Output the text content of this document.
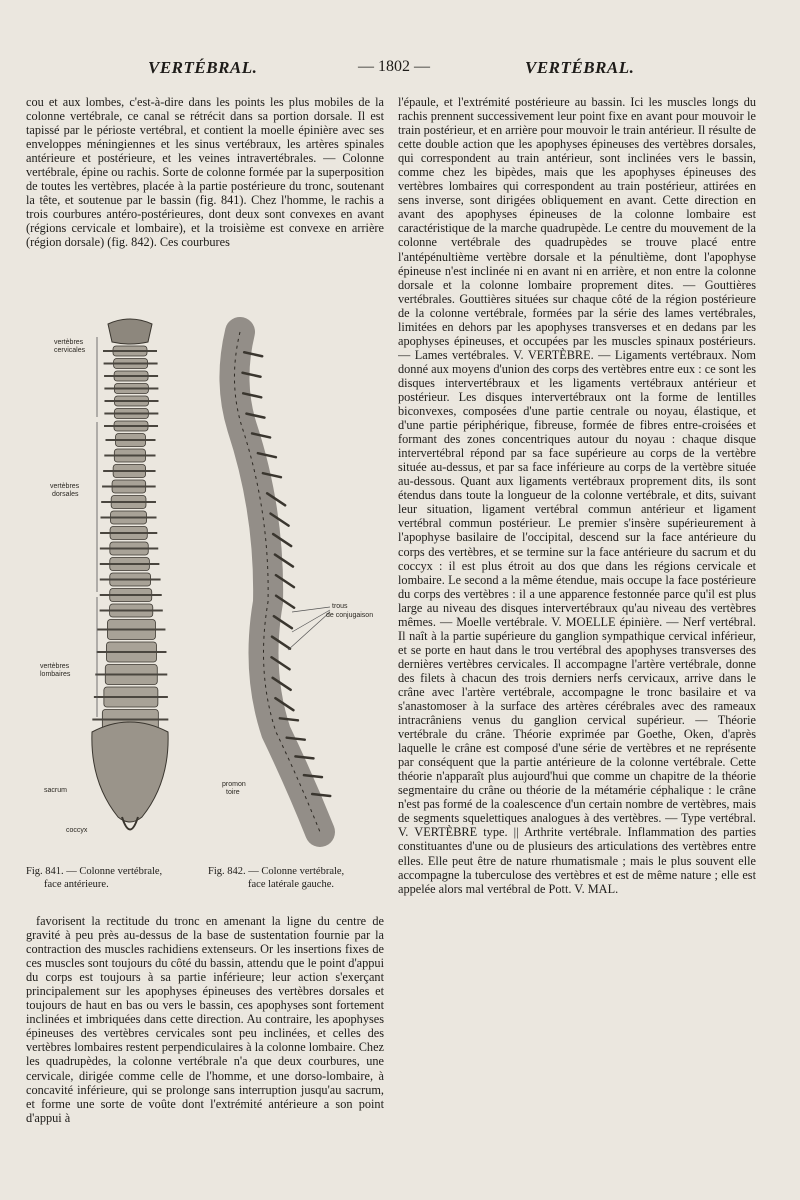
VERTÉBRAL.	— 1802 —	VERTÉBRAL.

cou et aux lombes, c'est-à-dire dans les points les plus mobiles de la colonne vertébrale, ce canal se rétrécit dans sa portion dorsale. Il est tapissé par le périoste vertébral, et contient la moelle épinière avec ses enveloppes méningiennes et les sinus vertébraux, les artères spinales antérieure et postérieure, et les veines intravertébrales. — Colonne vertébrale, épine ou rachis. Sorte de colonne formée par la superposition de toutes les vertèbres, placée à la partie postérieure du tronc, soutenant la tête, et soutenue par le bassin (fig. 841). Chez l'homme, le rachis a trois courbures antéro-postérieures, dont deux sont convexes en avant (régions cervicale et lombaire), et la troisième est convexe en arrière (région dorsale) (fig. 842). Ces courbures

vertèbres
cervicales
vertèbres
dorsales
vertèbres
lombaires
sacrum
coccyx
trous
de conjugaison
promon
toire
Fig. 841. — Colonne vertébrale,
face antérieure.
Fig. 842. — Colonne vertébrale,
face latérale gauche.

favorisent la rectitude du tronc en amenant la ligne du centre de gravité à peu près au-dessus de la base de sustentation fournie par la contraction des muscles rachidiens extenseurs. Or les insertions fixes de ces muscles sont toujours du côté du bassin, attendu que le point d'appui du corps est toujours à sa partie inférieure; leur action s'exerçant principalement sur les apophyses épineuses des vertèbres dorsales et toujours de haut en bas ou vers le bassin, ces apophyses sont fortement inclinées et imbriquées dans cette direction. Au contraire, les apophyses épineuses des vertèbres cervicales sont peu inclinées, et celles des vertèbres lombaires restent perpendiculaires à la colonne lombaire. Chez les quadrupèdes, la colonne vertébrale n'a que deux courbures, une cervicale, dirigée comme celle de l'homme, et une dorso-lombaire, à concavité inférieure, qui se prolonge sans interruption jusqu'au sacrum, et forme une sorte de voûte dont l'extrémité antérieure a son point d'appui à

l'épaule, et l'extrémité postérieure au bassin. Ici les muscles longs du rachis prennent successivement leur point fixe en avant pour mouvoir le train postérieur, et en arrière pour mouvoir le train antérieur. Il résulte de cette double action que les apophyses épineuses des vertèbres dorsales, qui correspondent au train antérieur, sont inclinées vers le bassin, comme chez les bipèdes, mais que les apophyses épineuses des vertèbres lombaires qui correspondent au train postérieur, attirées en sens inverse, sont dirigées obliquement en avant. Cette direction en avant des apophyses épineuses de la colonne lombaire est caractéristique de la marche quadrupède. Le centre du mouvement de la colonne vertébrale des quadrupèdes se trouve placé entre l'antépénultième vertèbre dorsale et la pénultième, dont l'apophyse épineuse n'est inclinée ni en avant ni en arrière, et non entre la colonne dorsale et la colonne lombaire proprement dites. — Gouttières vertébrales. Gouttières situées sur chaque côté de la région postérieure de la colonne vertébrale, formées par la série des lames vertébrales, limitées en dehors par les apophyses transverses et en dedans par les apophyses épineuses, et occupées par les muscles spinaux postérieurs. — Lames vertébrales. V. VERTÈBRE. — Ligaments vertébraux. Nom donné aux moyens d'union des corps des vertèbres entre eux : ce sont les disques intervertébraux et les ligaments vertébraux antérieur et postérieur. Les disques intervertébraux ont la forme de lentilles biconvexes, composées d'une partie centrale ou noyau, élastique, et d'une partie périphérique, fibreuse, formée de fibres entre-croisées et formant des zones concentriques autour du noyau : chaque disque intervertébral répond par sa face supérieure au corps de la vertèbre située au-dessus, et par sa face inférieure au corps de la vertèbre située au-dessous. Quant aux ligaments vertébraux proprement dits, ils sont étendus dans toute la longueur de la colonne vertébrale, et dits, suivant leur situation, ligament vertébral commun antérieur et ligament vertébral commun postérieur. Le premier s'insère supérieurement à l'apophyse basilaire de l'occipital, descend sur la face antérieure du corps des vertèbres, et se termine sur la face antérieure du sacrum et du coccyx : il est plus étroit au dos que dans les régions cervicale et lombaire. Le second a la même étendue, mais occupe la face postérieure du corps des vertèbres : il a une apparence festonnée parce qu'il est plus large au niveau des disques intervertébraux qu'au niveau des vertèbres mêmes. — Moelle vertébrale. V. MOELLE épinière. — Nerf vertébral. Il naît à la partie supérieure du ganglion sympathique cervical inférieur, et se porte en haut dans le trou vertébral des apophyses transverses des dernières vertèbres cervicales. Il accompagne l'artère vertébrale, donne des filets à chacun des trois derniers nerfs cervicaux, arrive dans le crâne avec l'artère vertébrale, accompagne le tronc basilaire et va s'anastomoser à la surface des artères cérébrales avec des rameaux intracrâniens venus du ganglion cervical supérieur. — Théorie vertébrale du crâne. Théorie exprimée par Goethe, Oken, d'après laquelle le crâne est composé d'une série de vertèbres et ne représente par conséquent que la partie antérieure de la colonne vertébrale. Cette théorie n'apparaît plus aujourd'hui que comme un chapitre de la théorie segmentaire du crâne ou théorie de la métamérie céphalique : le crâne n'est pas formé de la coalescence d'un certain nombre de vertèbres, mais de segments squelettiques analogues à des vertèbres. — Type vertébral. V. VERTÈBRE type. || Arthrite vertébrale. Inflammation des parties constituantes d'une ou de plusieurs des articulations des vertèbres entre elles. Elle peut être de nature rhumatismale ; mais le plus souvent elle accompagne la tuberculose des vertèbres et est de même nature ; elle est appelée alors mal vertébral de Pott. V. MAL.
